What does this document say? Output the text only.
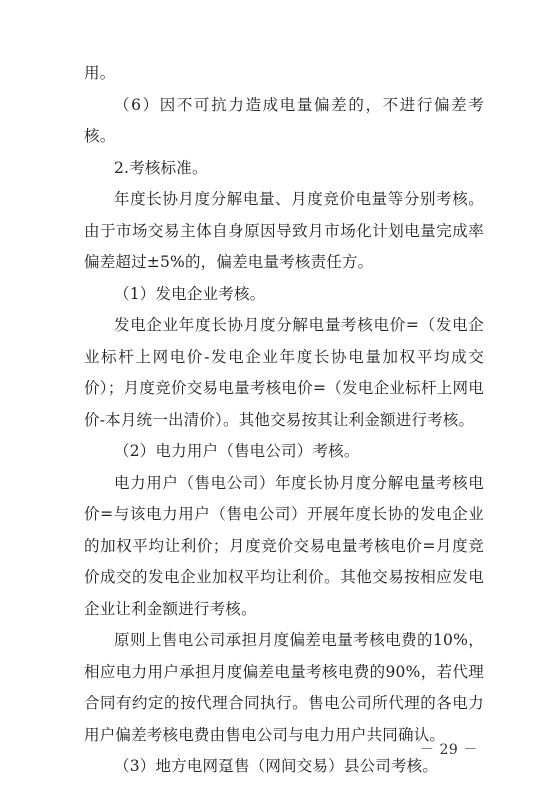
用。

（6）因不可抗力造成电量偏差的，不进行偏差考核。

2.考核标准。

年度长协月度分解电量、月度竞价电量等分别考核。由于市场交易主体自身原因导致月市场化计划电量完成率偏差超过±5%的，偏差电量考核责任方。

（1）发电企业考核。

发电企业年度长协月度分解电量考核电价=（发电企业标杆上网电价-发电企业年度长协电量加权平均成交价）；月度竞价交易电量考核电价=（发电企业标杆上网电价-本月统一出清价）。其他交易按其让利金额进行考核。

（2）电力用户（售电公司）考核。

电力用户（售电公司）年度长协月度分解电量考核电价=与该电力用户（售电公司）开展年度长协的发电企业的加权平均让利价；月度竞价交易电量考核电价=月度竞价成交的发电企业加权平均让利价。其他交易按相应发电企业让利金额进行考核。

原则上售电公司承担月度偏差电量考核电费的10%，相应电力用户承担月度偏差电量考核电费的90%，若代理合同有约定的按代理合同执行。售电公司所代理的各电力用户偏差考核电费由售电公司与电力用户共同确认。

（3）地方电网趸售（网间交易）县公司考核。

－ 29 －
